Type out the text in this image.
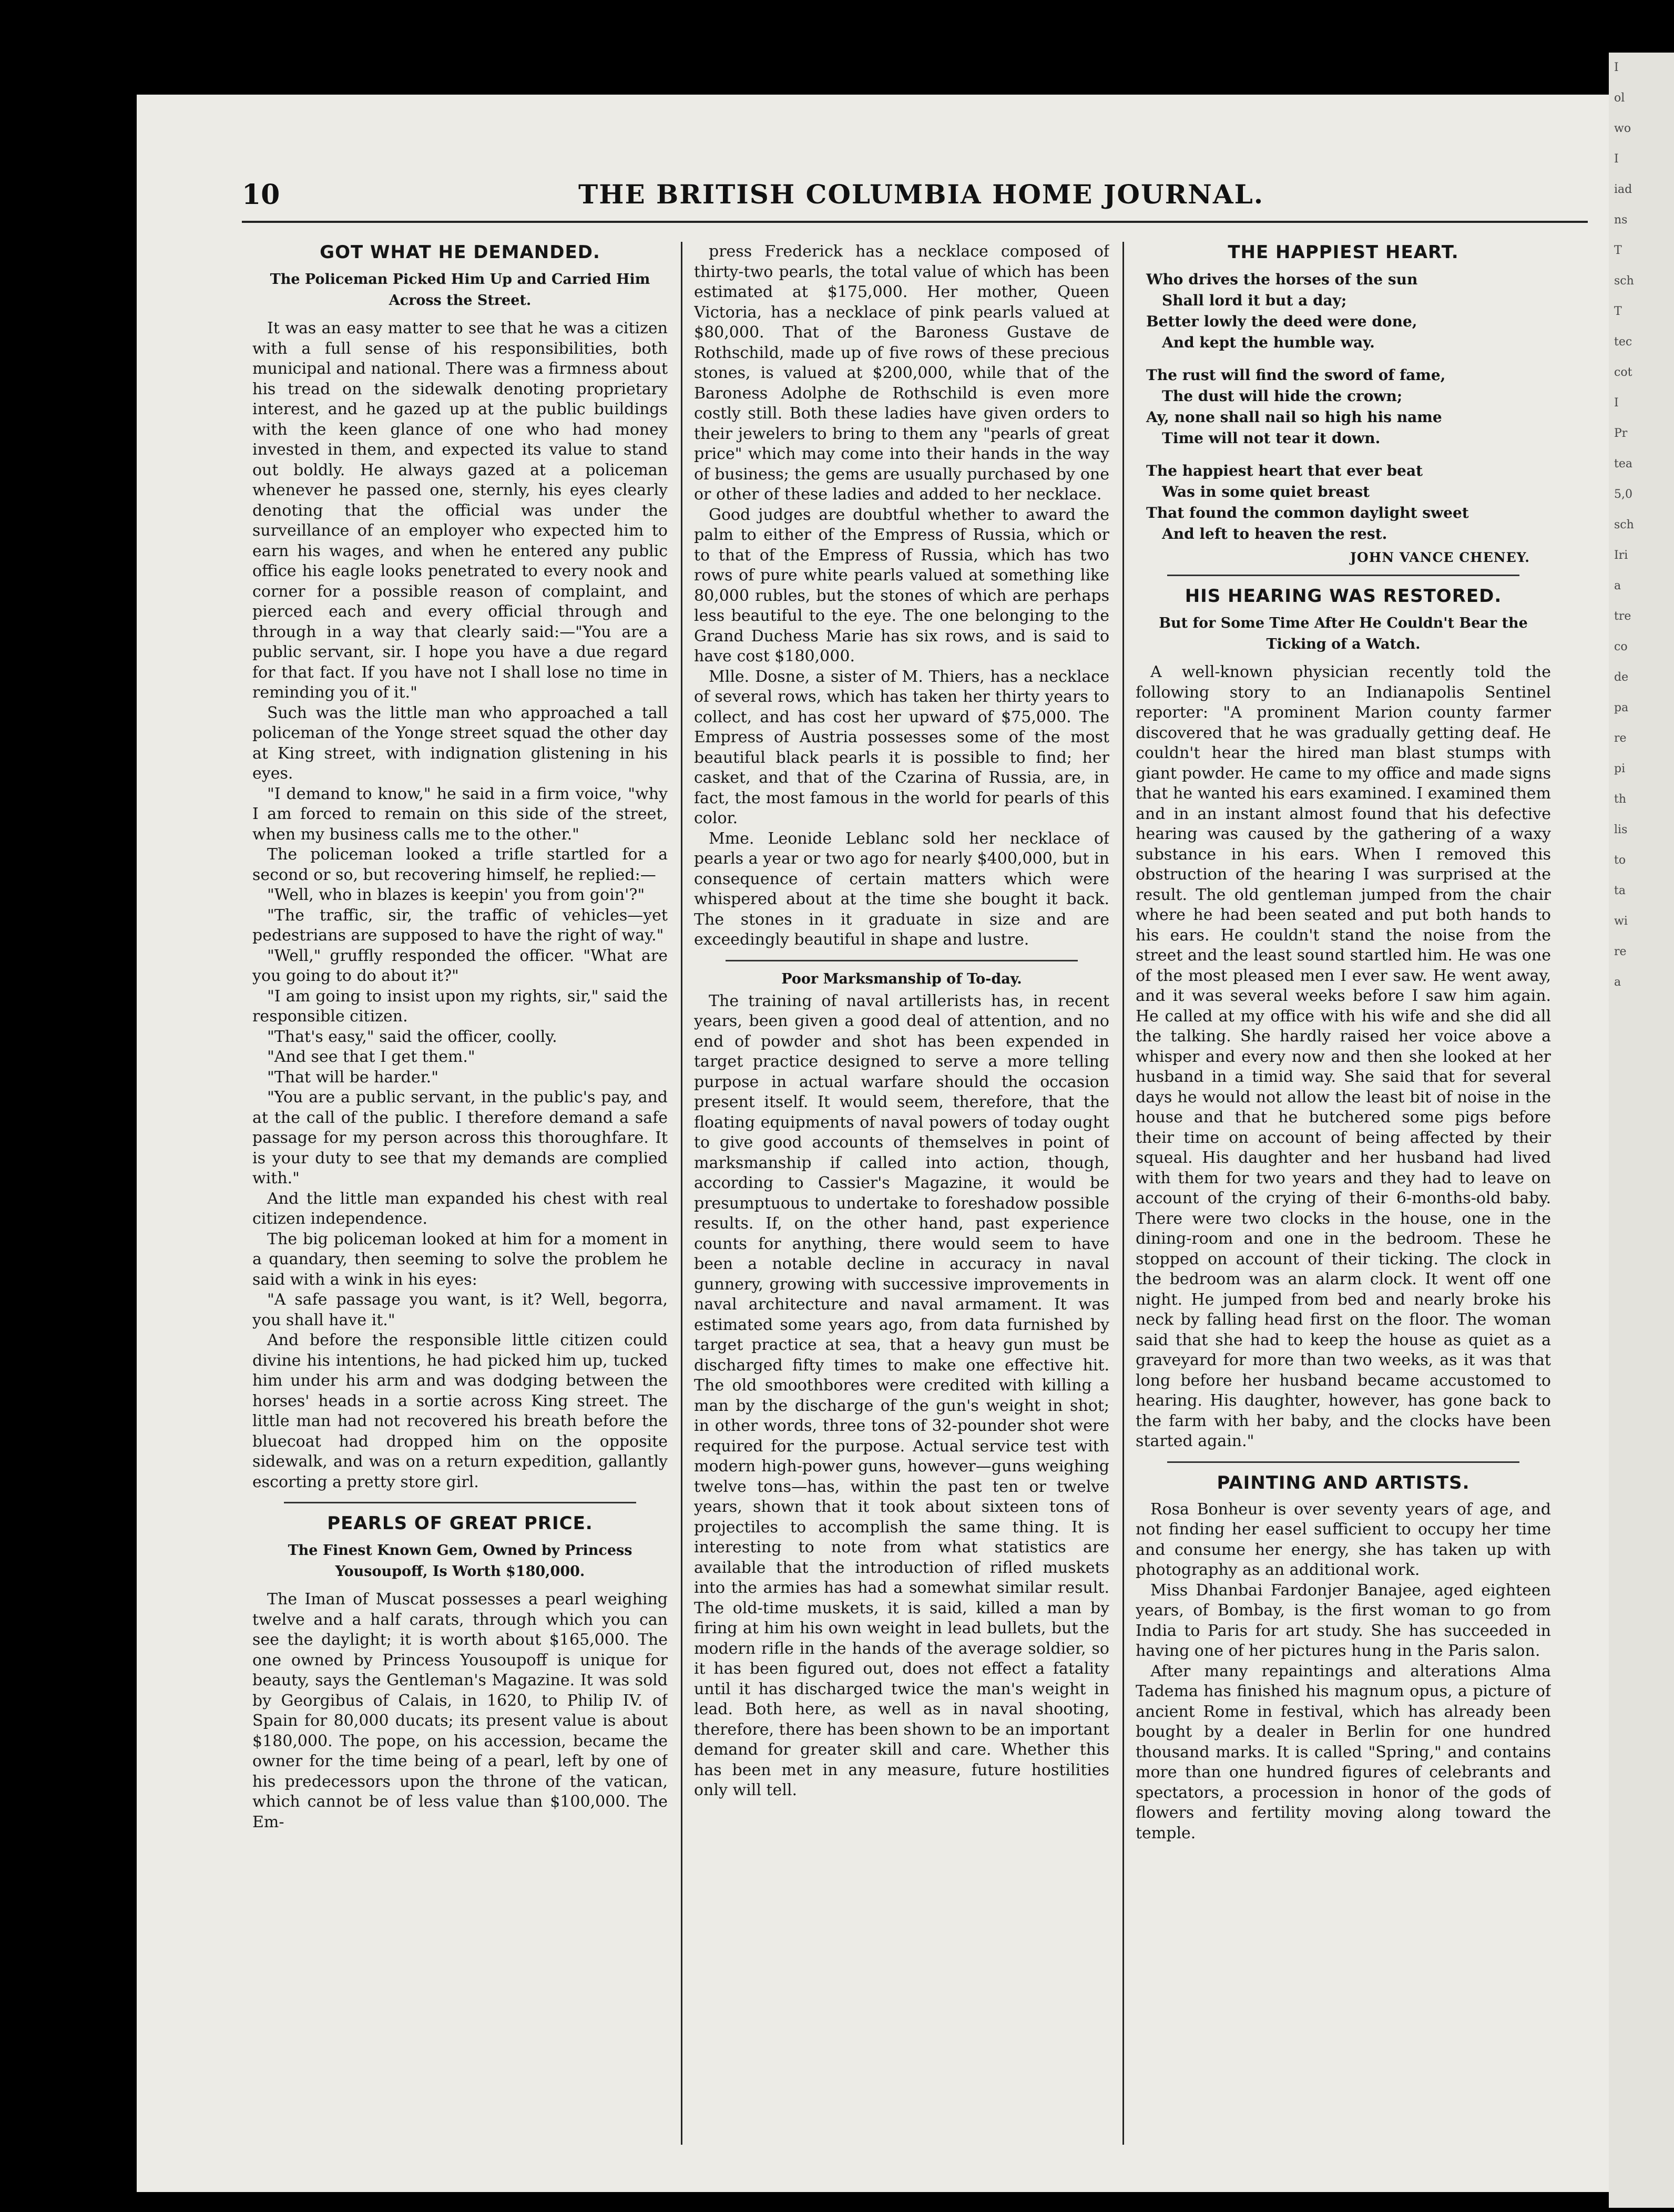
10	THE BRITISH COLUMBIA HOME JOURNAL.
GOT WHAT HE DEMANDED.
The Policeman Picked Him Up and Carried Him Across the Street.

It was an easy matter to see that he was a citizen with a full sense of his responsibilities, both municipal and national. There was a firmness about his tread on the sidewalk denoting proprietary interest, and he gazed up at the public buildings with the keen glance of one who had money invested in them, and expected its value to stand out boldly. He always gazed at a policeman whenever he passed one, sternly, his eyes clearly denoting that the official was under the surveillance of an employer who expected him to earn his wages, and when he entered any public office his eagle looks penetrated to every nook and corner for a possible reason of complaint, and pierced each and every official through and through in a way that clearly said:—"You are a public servant, sir. I hope you have a due regard for that fact. If you have not I shall lose no time in reminding you of it."

Such was the little man who approached a tall policeman of the Yonge street squad the other day at King street, with indignation glistening in his eyes.

"I demand to know," he said in a firm voice, "why I am forced to remain on this side of the street, when my business calls me to the other."

The policeman looked a trifle startled for a second or so, but recovering himself, he replied:—

"Well, who in blazes is keepin' you from goin'?"

"The traffic, sir, the traffic of vehicles—yet pedestrians are supposed to have the right of way."

"Well," gruffly responded the officer. "What are you going to do about it?"

"I am going to insist upon my rights, sir," said the responsible citizen.

"That's easy," said the officer, coolly.

"And see that I get them."

"That will be harder."

"You are a public servant, in the public's pay, and at the call of the public. I therefore demand a safe passage for my person across this thoroughfare. It is your duty to see that my demands are complied with."

And the little man expanded his chest with real citizen independence.

The big policeman looked at him for a moment in a quandary, then seeming to solve the problem he said with a wink in his eyes:

"A safe passage you want, is it? Well, begorra, you shall have it."

And before the responsible little citizen could divine his intentions, he had picked him up, tucked him under his arm and was dodging between the horses' heads in a sortie across King street. The little man had not recovered his breath before the bluecoat had dropped him on the opposite sidewalk, and was on a return expedition, gallantly escorting a pretty store girl.

PEARLS OF GREAT PRICE.
The Finest Known Gem, Owned by Princess Yousoupoff, Is Worth $180,000.

The Iman of Muscat possesses a pearl weighing twelve and a half carats, through which you can see the daylight; it is worth about $165,000. The one owned by Princess Yousoupoff is unique for beauty, says the Gentleman's Magazine. It was sold by Georgibus of Calais, in 1620, to Philip IV. of Spain for 80,000 ducats; its present value is about $180,000. The pope, on his accession, became the owner for the time being of a pearl, left by one of his predecessors upon the throne of the vatican, which cannot be of less value than $100,000. The Em-

press Frederick has a necklace composed of thirty-two pearls, the total value of which has been estimated at $175,000. Her mother, Queen Victoria, has a necklace of pink pearls valued at $80,000. That of the Baroness Gustave de Rothschild, made up of five rows of these precious stones, is valued at $200,000, while that of the Baroness Adolphe de Rothschild is even more costly still. Both these ladies have given orders to their jewelers to bring to them any "pearls of great price" which may come into their hands in the way of business; the gems are usually purchased by one or other of these ladies and added to her necklace.

Good judges are doubtful whether to award the palm to either of the Empress of Russia, which or to that of the Empress of Russia, which has two rows of pure white pearls valued at something like 80,000 rubles, but the stones of which are perhaps less beautiful to the eye. The one belonging to the Grand Duchess Marie has six rows, and is said to have cost $180,000.

Mlle. Dosne, a sister of M. Thiers, has a necklace of several rows, which has taken her thirty years to collect, and has cost her upward of $75,000. The Empress of Austria possesses some of the most beautiful black pearls it is possible to find; her casket, and that of the Czarina of Russia, are, in fact, the most famous in the world for pearls of this color.

Mme. Leonide Leblanc sold her necklace of pearls a year or two ago for nearly $400,000, but in consequence of certain matters which were whispered about at the time she bought it back. The stones in it graduate in size and are exceedingly beautiful in shape and lustre.

Poor Marksmanship of To-day.

The training of naval artillerists has, in recent years, been given a good deal of attention, and no end of powder and shot has been expended in target practice designed to serve a more telling purpose in actual warfare should the occasion present itself. It would seem, therefore, that the floating equipments of naval powers of today ought to give good accounts of themselves in point of marksmanship if called into action, though, according to Cassier's Magazine, it would be presumptuous to undertake to foreshadow possible results. If, on the other hand, past experience counts for anything, there would seem to have been a notable decline in accuracy in naval gunnery, growing with successive improvements in naval architecture and naval armament. It was estimated some years ago, from data furnished by target practice at sea, that a heavy gun must be discharged fifty times to make one effective hit. The old smoothbores were credited with killing a man by the discharge of the gun's weight in shot; in other words, three tons of 32-pounder shot were required for the purpose. Actual service test with modern high-power guns, however—guns weighing twelve tons—has, within the past ten or twelve years, shown that it took about sixteen tons of projectiles to accomplish the same thing. It is interesting to note from what statistics are available that the introduction of rifled muskets into the armies has had a somewhat similar result. The old-time muskets, it is said, killed a man by firing at him his own weight in lead bullets, but the modern rifle in the hands of the average soldier, so it has been figured out, does not effect a fatality until it has discharged twice the man's weight in lead. Both here, as well as in naval shooting, therefore, there has been shown to be an important demand for greater skill and care. Whether this has been met in any measure, future hostilities only will tell.

THE HAPPIEST HEART.
Who drives the horses of the sun
Shall lord it but a day;
Better lowly the deed were done,
And kept the humble way.
The rust will find the sword of fame,
The dust will hide the crown;
Ay, none shall nail so high his name
Time will not tear it down.
The happiest heart that ever beat
Was in some quiet breast
That found the common daylight sweet
And left to heaven the rest.
JOHN VANCE CHENEY.
HIS HEARING WAS RESTORED.
But for Some Time After He Couldn't Bear the Ticking of a Watch.

A well-known physician recently told the following story to an Indianapolis Sentinel reporter: "A prominent Marion county farmer discovered that he was gradually getting deaf. He couldn't hear the hired man blast stumps with giant powder. He came to my office and made signs that he wanted his ears examined. I examined them and in an instant almost found that his defective hearing was caused by the gathering of a waxy substance in his ears. When I removed this obstruction of the hearing I was surprised at the result. The old gentleman jumped from the chair where he had been seated and put both hands to his ears. He couldn't stand the noise from the street and the least sound startled him. He was one of the most pleased men I ever saw. He went away, and it was several weeks before I saw him again. He called at my office with his wife and she did all the talking. She hardly raised her voice above a whisper and every now and then she looked at her husband in a timid way. She said that for several days he would not allow the least bit of noise in the house and that he butchered some pigs before their time on account of being affected by their squeal. His daughter and her husband had lived with them for two years and they had to leave on account of the crying of their 6-months-old baby. There were two clocks in the house, one in the dining-room and one in the bedroom. These he stopped on account of their ticking. The clock in the bedroom was an alarm clock. It went off one night. He jumped from bed and nearly broke his neck by falling head first on the floor. The woman said that she had to keep the house as quiet as a graveyard for more than two weeks, as it was that long before her husband became accustomed to hearing. His daughter, however, has gone back to the farm with her baby, and the clocks have been started again."

PAINTING AND ARTISTS.

Rosa Bonheur is over seventy years of age, and not finding her easel sufficient to occupy her time and consume her energy, she has taken up with photography as an additional work.

Miss Dhanbai Fardonjer Banajee, aged eighteen years, of Bombay, is the first woman to go from India to Paris for art study. She has succeeded in having one of her pictures hung in the Paris salon.

After many repaintings and alterations Alma Tadema has finished his magnum opus, a picture of ancient Rome in festival, which has already been bought by a dealer in Berlin for one hundred thousand marks. It is called "Spring," and contains more than one hundred figures of celebrants and spectators, a procession in honor of the gods of flowers and fertility moving along toward the temple.

I
ol
wo
I
iad
ns
T
sch
T
tec
cot
I
Pr
tea
5,0
sch
Iri
a
tre
co
de
pa
re
pi
th
lis
to
ta
wi
re
a
